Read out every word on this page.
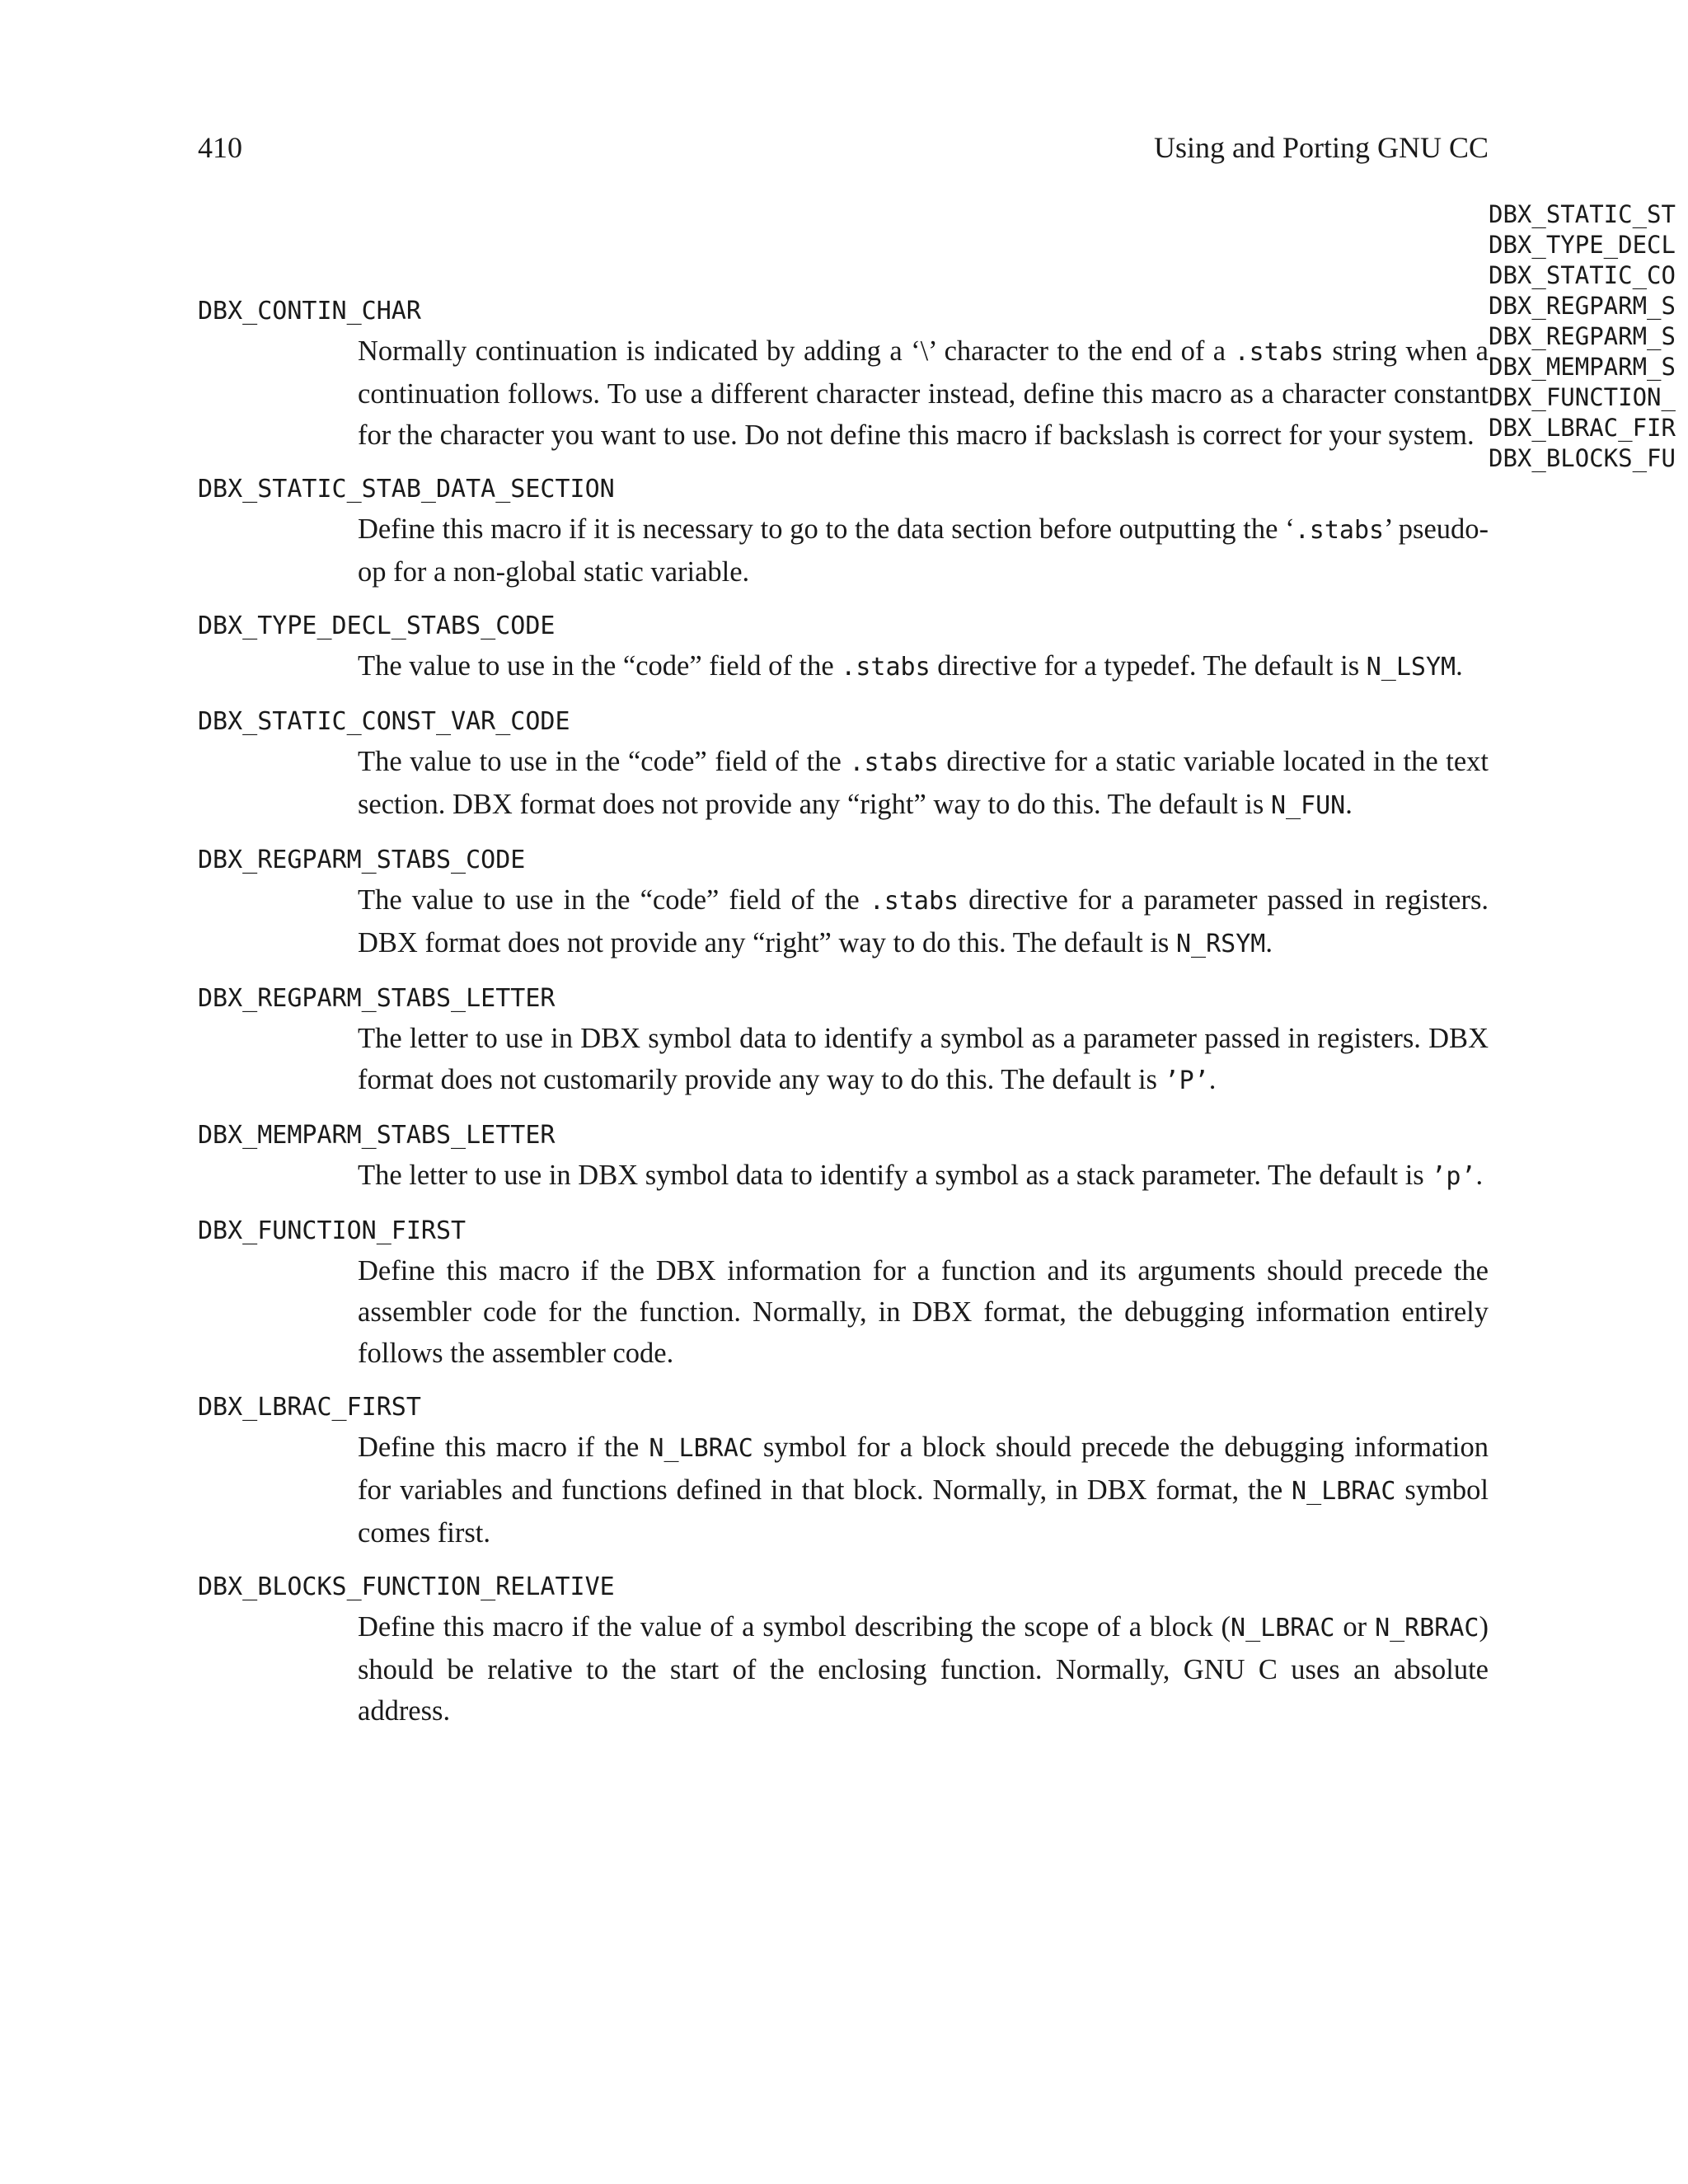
410	Using and Porting GNU CC
DBX_STATIC_ST
DBX_TYPE_DECL
DBX_STATIC_CO
DBX_REGPARM_S
DBX_REGPARM_S
DBX_MEMPARM_S
DBX_FUNCTION_
DBX_LBRAC_FIR
DBX_BLOCKS_FU
DBX_CONTIN_CHAR
Normally continuation is indicated by adding a ‘\’ character to the end of a .stabs string when a continuation follows. To use a different character instead, define this macro as a character constant for the character you want to use. Do not define this macro if backslash is correct for your system.
DBX_STATIC_STAB_DATA_SECTION
Define this macro if it is necessary to go to the data section before outputting the ‘.stabs’ pseudo-op for a non-global static variable.
DBX_TYPE_DECL_STABS_CODE
The value to use in the “code” field of the .stabs directive for a typedef. The default is N_LSYM.
DBX_STATIC_CONST_VAR_CODE
The value to use in the “code” field of the .stabs directive for a static variable located in the text section. DBX format does not provide any “right” way to do this. The default is N_FUN.
DBX_REGPARM_STABS_CODE
The value to use in the “code” field of the .stabs directive for a parameter passed in registers. DBX format does not provide any “right” way to do this. The default is N_RSYM.
DBX_REGPARM_STABS_LETTER
The letter to use in DBX symbol data to identify a symbol as a parameter passed in registers. DBX format does not customarily provide any way to do this. The default is ’P’.
DBX_MEMPARM_STABS_LETTER
The letter to use in DBX symbol data to identify a symbol as a stack parameter. The default is ’p’.
DBX_FUNCTION_FIRST
Define this macro if the DBX information for a function and its arguments should precede the assembler code for the function. Normally, in DBX format, the debugging information entirely follows the assembler code.
DBX_LBRAC_FIRST
Define this macro if the N_LBRAC symbol for a block should precede the debugging information for variables and functions defined in that block. Normally, in DBX format, the N_LBRAC symbol comes first.
DBX_BLOCKS_FUNCTION_RELATIVE
Define this macro if the value of a symbol describing the scope of a block (N_LBRAC or N_RBRAC) should be relative to the start of the enclosing function. Normally, GNU C uses an absolute address.
